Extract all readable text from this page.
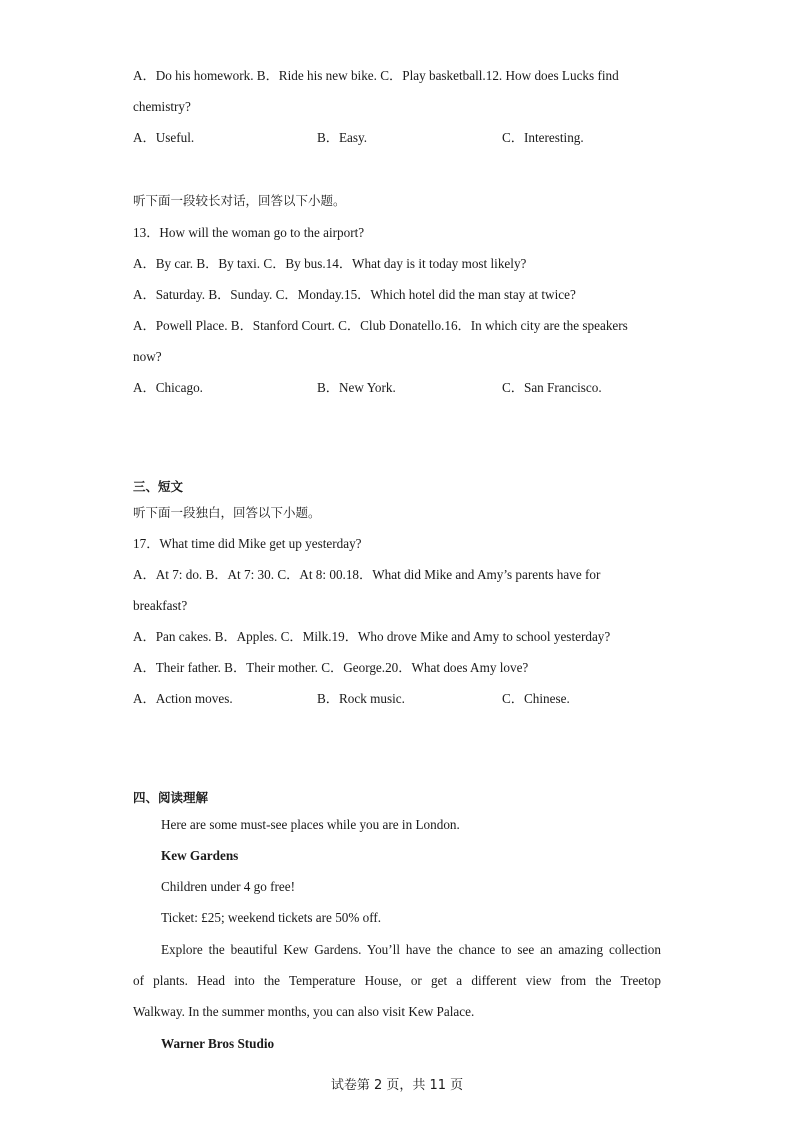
A．Do his homework. B．Ride his new bike. C．Play basketball.12. How does Lucks find
chemistry?
A．Useful.	B．Easy.	C．Interesting.
听下面一段较长对话，回答以下小题。
13．How will the woman go to the airport?
A．By car. B．By taxi. C．By bus.14．What day is it today most likely?
A．Saturday. B．Sunday. C．Monday.15．Which hotel did the man stay at twice?
A．Powell Place. B．Stanford Court. C．Club Donatello.16．In which city are the speakers
now?
A．Chicago.	B．New York.	C．San Francisco.
三、短文
听下面一段独白，回答以下小题。
17．What time did Mike get up yesterday?
A．At 7: do. B．At 7: 30. C．At 8: 00.18．What did Mike and Amy’s parents have for
breakfast?
A．Pan cakes. B．Apples. C．Milk.19．Who drove Mike and Amy to school yesterday?
A．Their father. B．Their mother. C．George.20．What does Amy love?
A．Action moves.	B．Rock music.	C．Chinese.
四、阅读理解
Here are some must-see places while you are in London.
Kew Gardens
Children under 4 go free!
Ticket: £25; weekend tickets are 50% off.
Explore the beautiful Kew Gardens. You’ll have the chance to see an amazing collection
of plants. Head into the Temperature House, or get a different view from the Treetop
Walkway. In the summer months, you can also visit Kew Palace.
Warner Bros Studio
试卷第 2 页，共 11 页
